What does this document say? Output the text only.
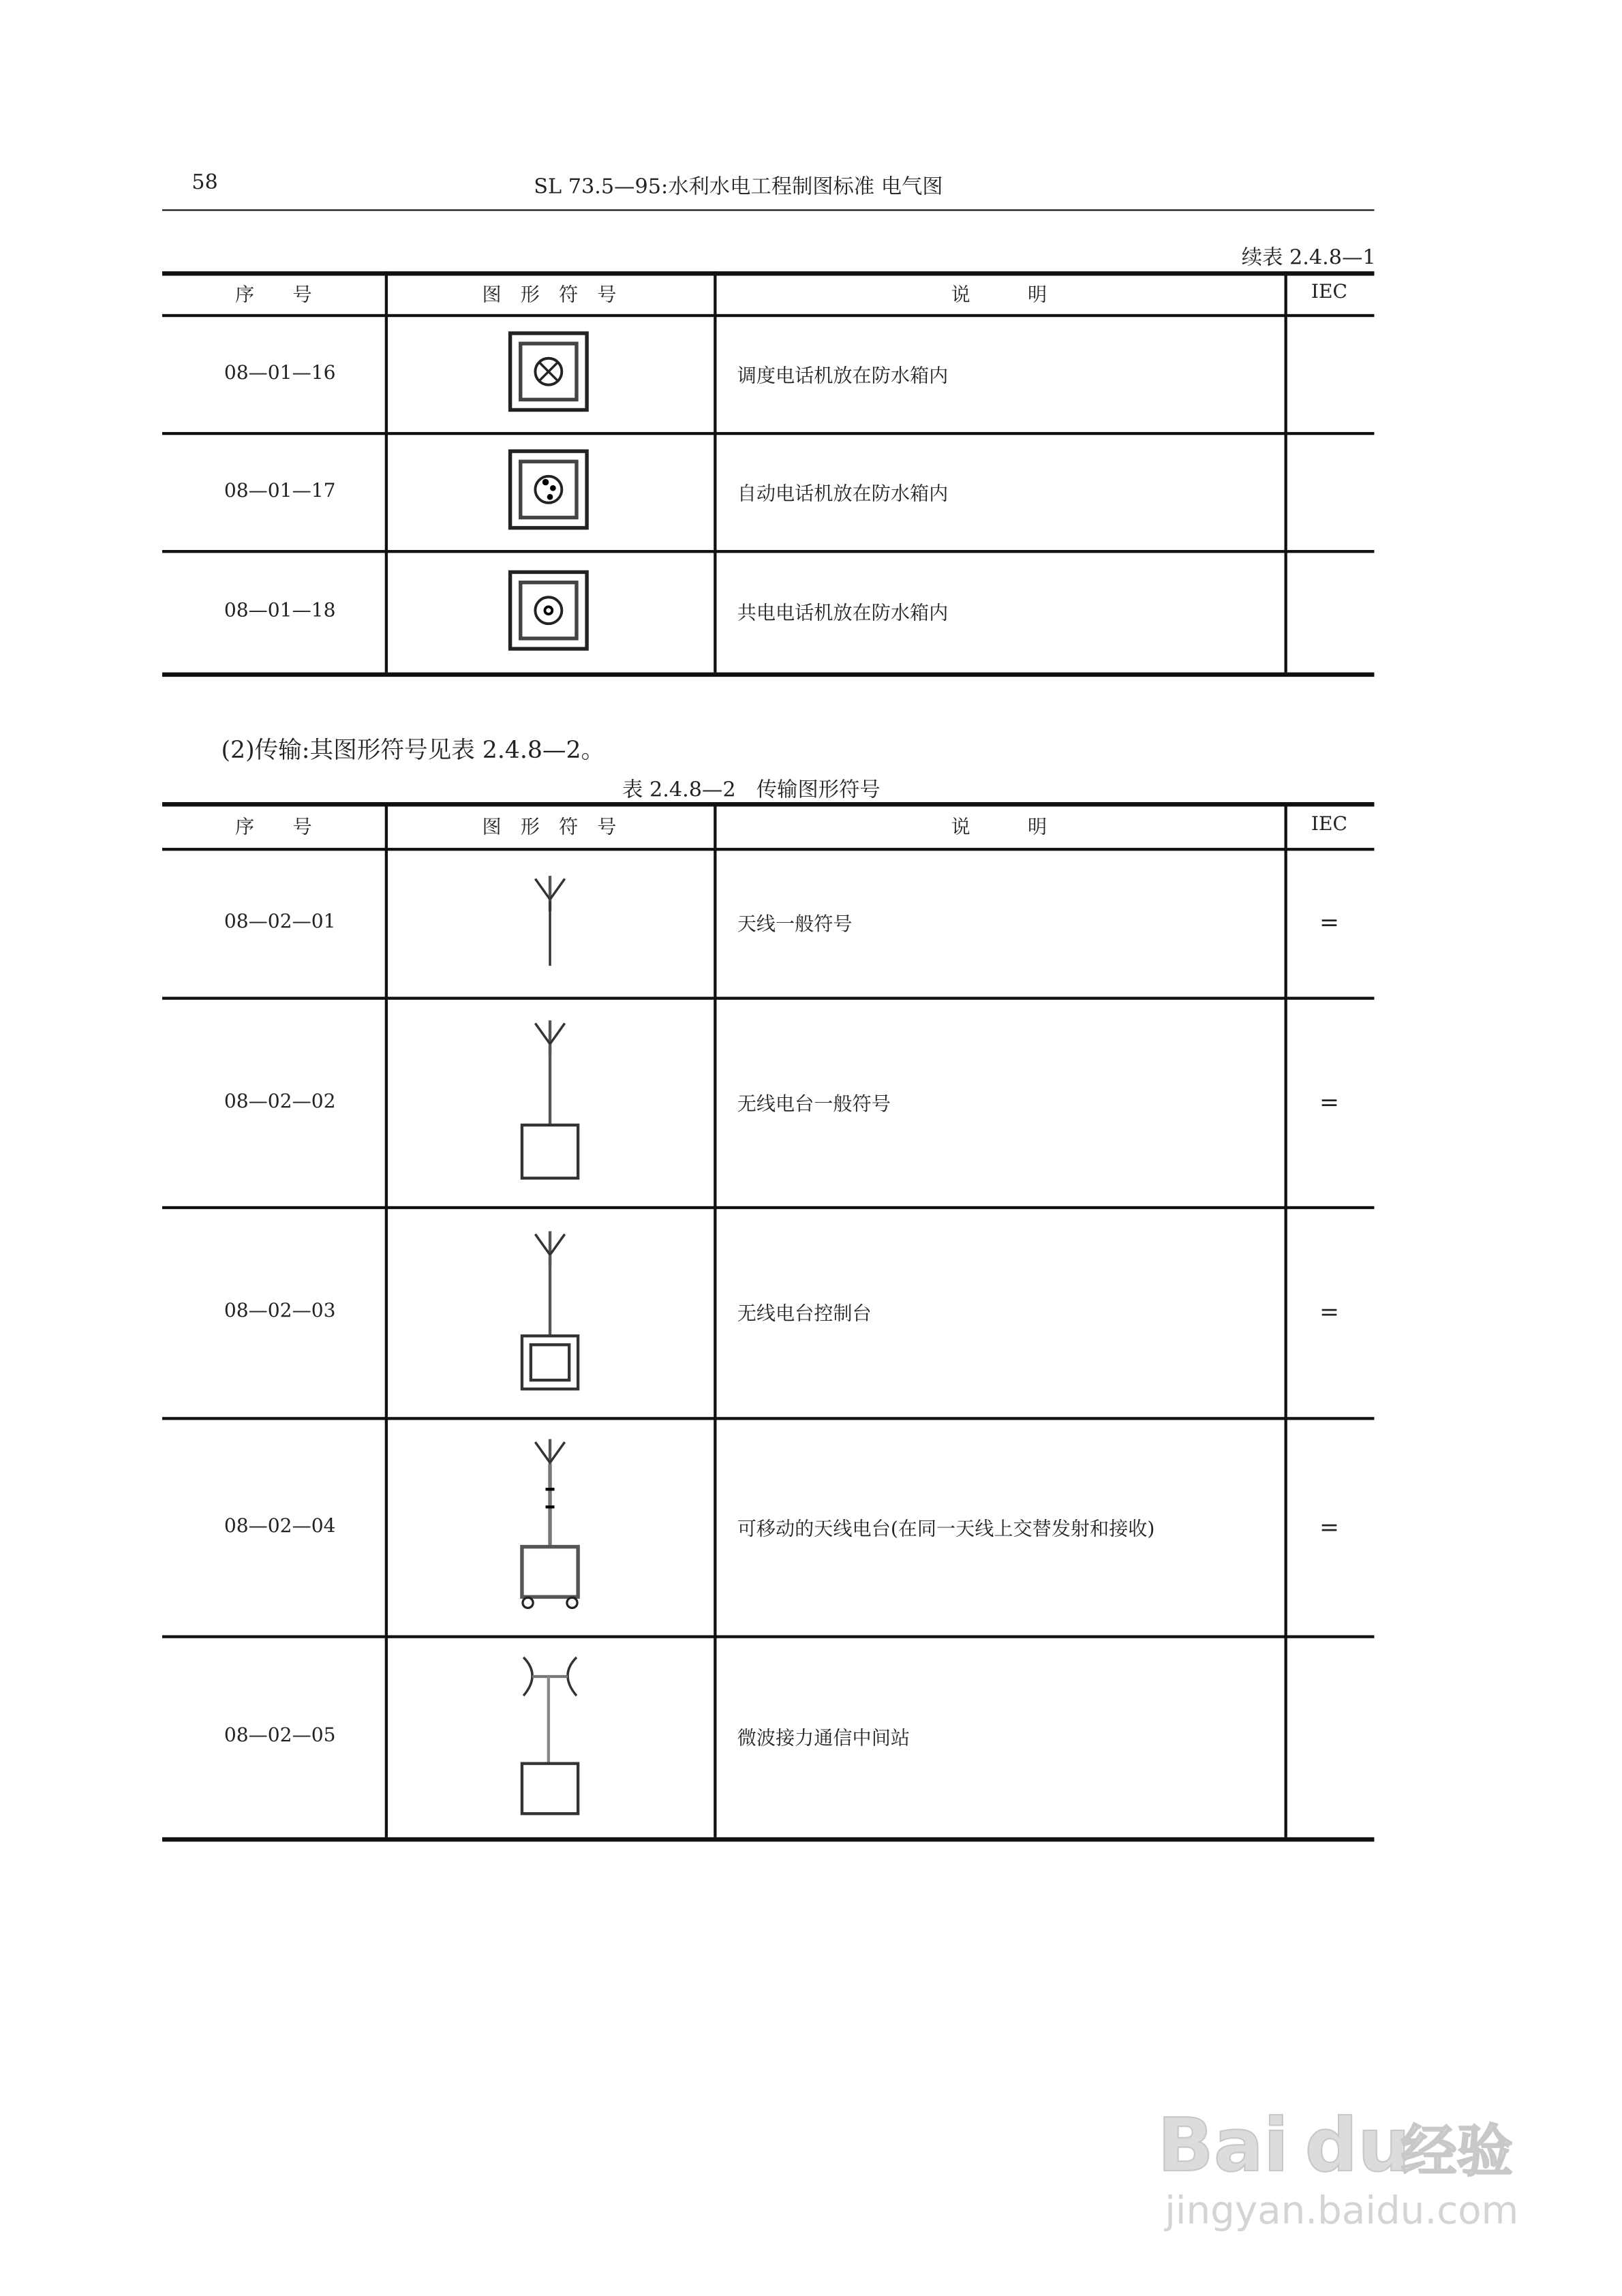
58	SL 73.5—95:水利水电工程制图标准 电气图
续表 2.4.8—1
序　　号	图　形　符　号	说　　　明	IEC
08—01—16	调度电话机放在防水箱内
08—01—17	自动电话机放在防水箱内
08—01—18	共电电话机放在防水箱内
(2)传输:其图形符号见表 2.4.8—2。
表 2.4.8—2　传输图形符号
序　　号	图　形　符　号	说　　　明	IEC
08—02—01	天线一般符号	=
08—02—02	无线电台一般符号	=
08—02—03	无线电台控制台	=
08—02—04	可移动的天线电台(在同一天线上交替发射和接收)	=
08—02—05	微波接力通信中间站
Bai du
经验
jingyan.baidu.com
